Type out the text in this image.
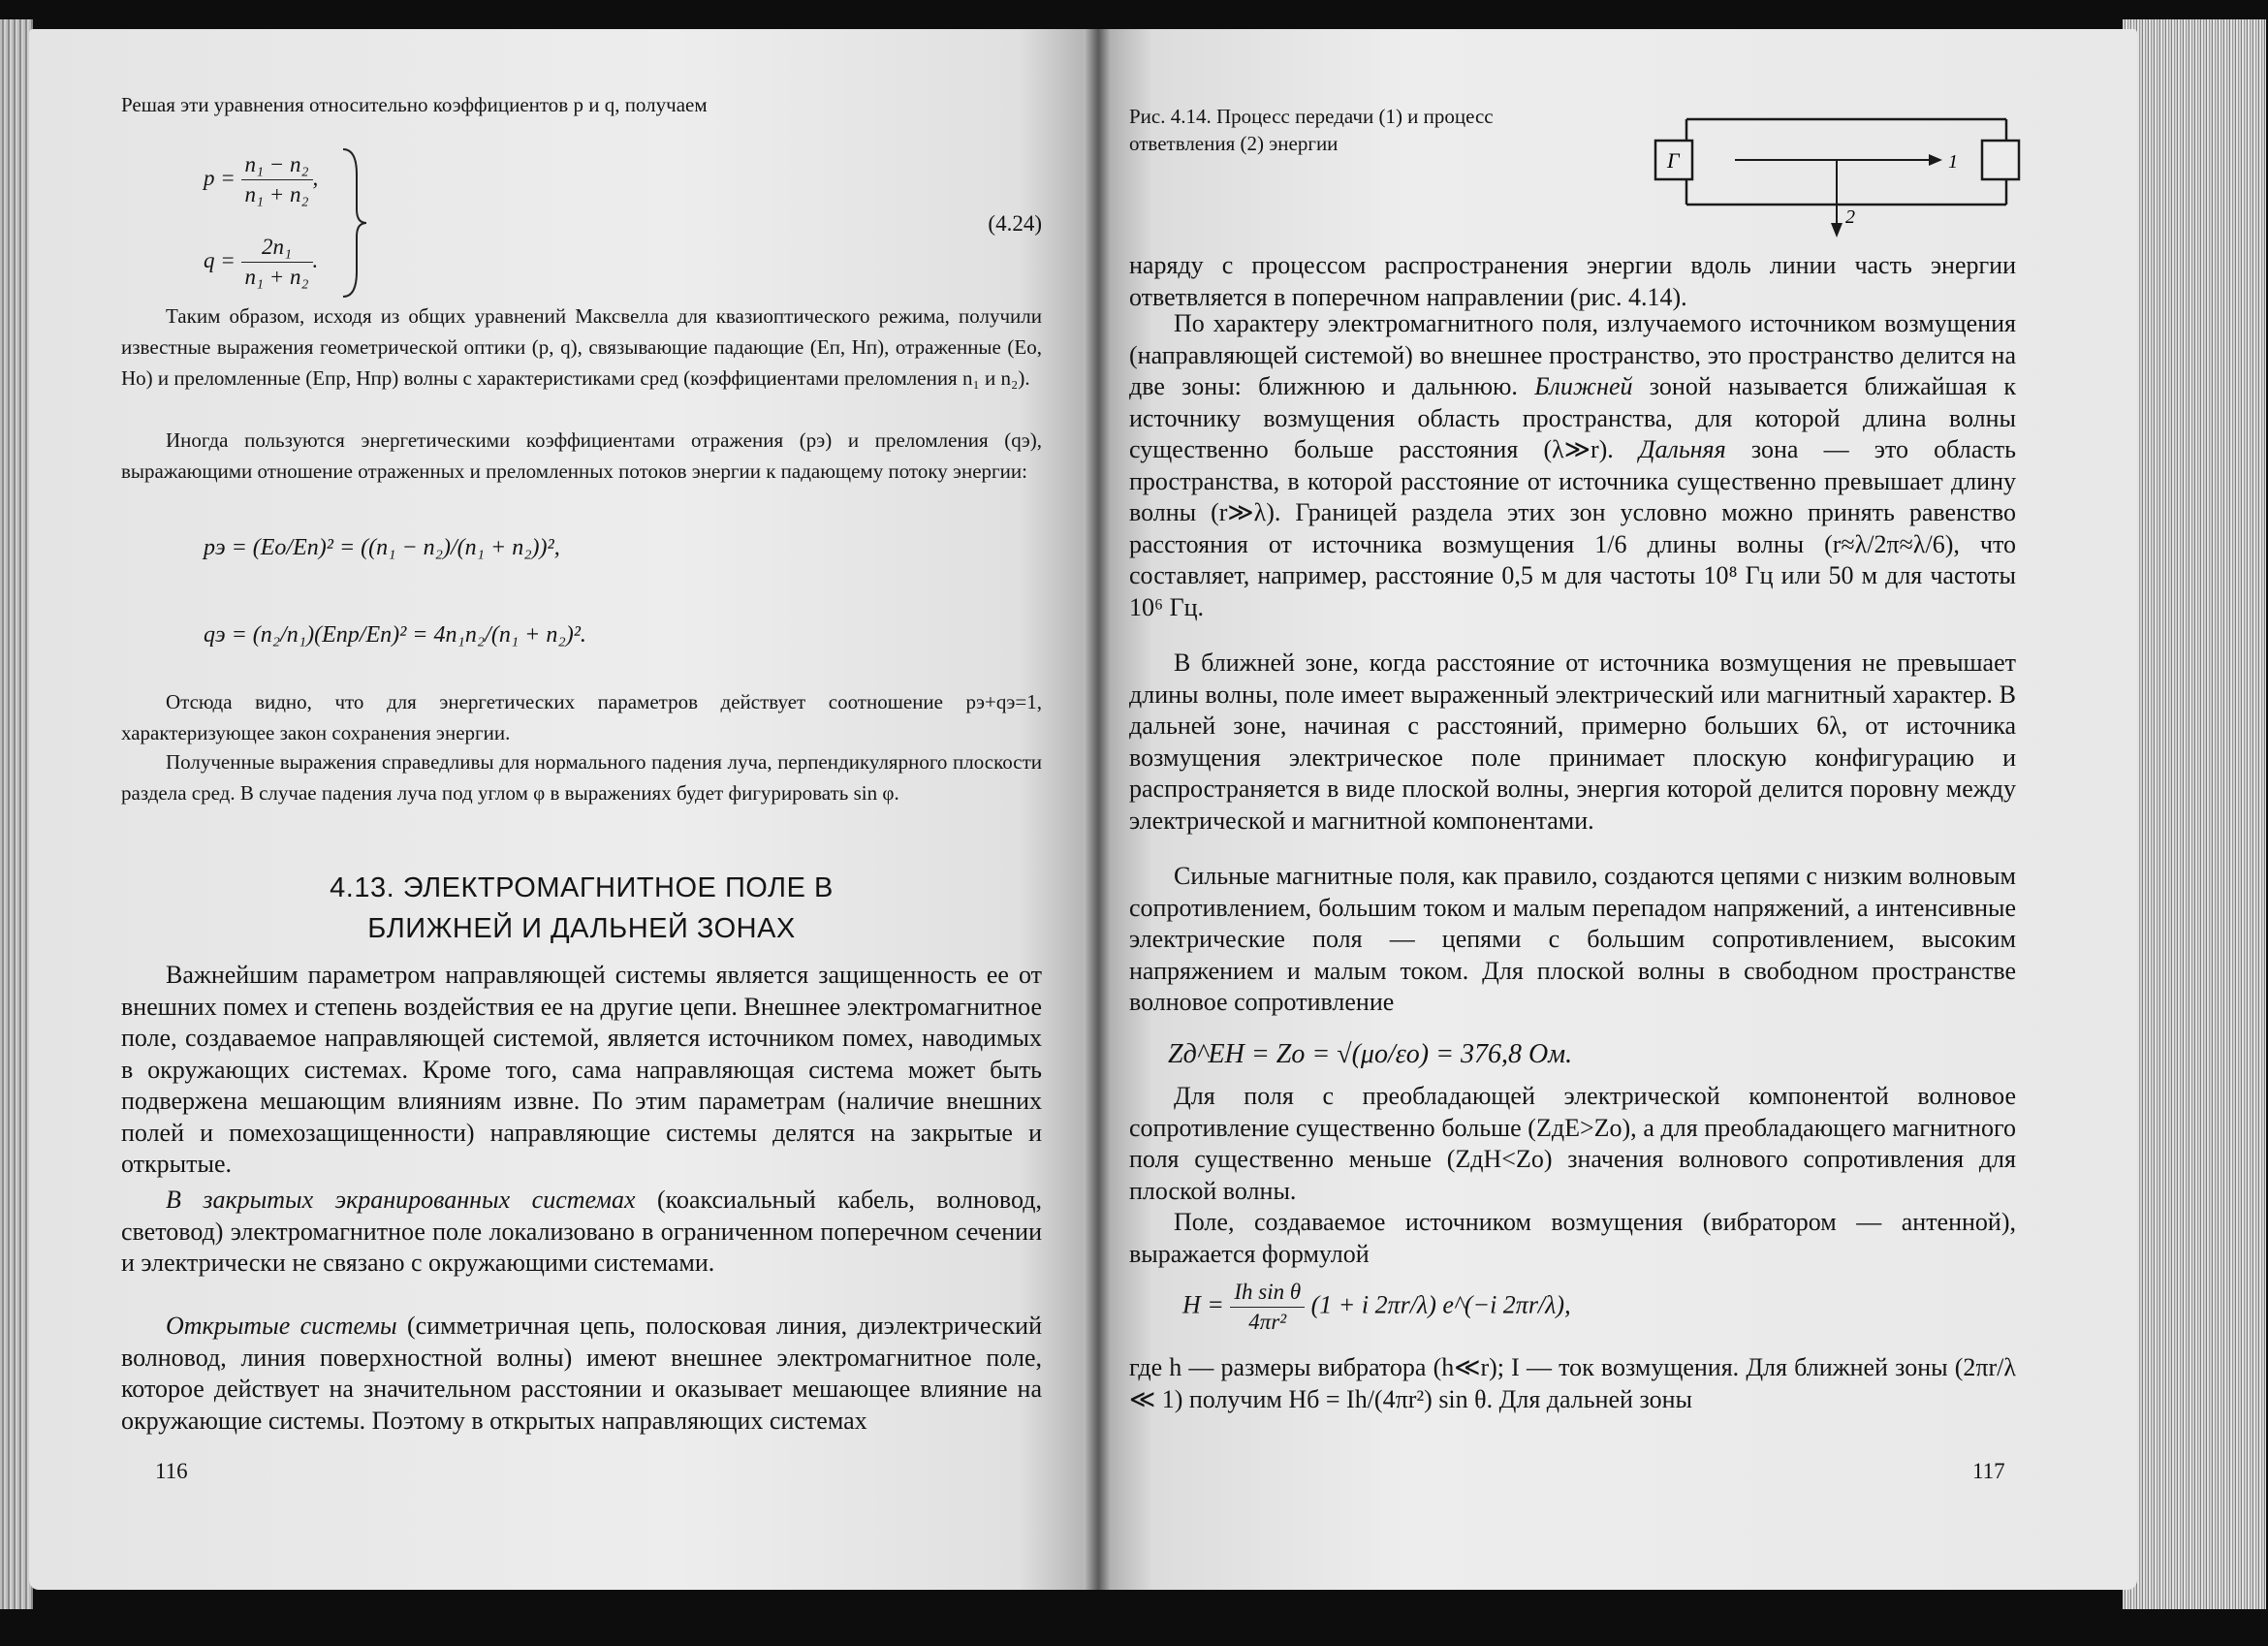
Решая эти уравнения относительно коэффициентов p и q, получаем

$p = \frac{\text{n₁ − n₂}}{\text{n₁ + n₂}}$ ,
$q = \frac{\text{2n₁}}{\text{n₁ + n₂}}$ .
(4.24)

Таким образом, исходя из общих уравнений Максвелла для квазиоптического режима, получили известные выражения геометрической оптики (p, q), связывающие падающие (Eп, Hп), отраженные (Eо, Hо) и преломленные (Eпр, Hпр) волны с характеристиками сред (коэффициентами преломления n₁ и n₂).

Иногда пользуются энергетическими коэффициентами отражения (pэ) и преломления (qэ), выражающими отношение отраженных и преломленных потоков энергии к падающему потоку энергии:

pэ = (Eо/Eп)² = ((n₁ − n₂)/(n₁ + n₂))²,
qэ = (n₂/n₁)(Eпр/Eп)² = 4n₁n₂/(n₁ + n₂)².

Отсюда видно, что для энергетических параметров действует соотношение pэ+qэ=1, характеризующее закон сохранения энергии.

Полученные выражения справедливы для нормального падения луча, перпендикулярного плоскости раздела сред. В случае падения луча под углом φ в выражениях будет фигурировать sin φ.

4.13. ЭЛЕКТРОМАГНИТНОЕ ПОЛЕ В
БЛИЖНЕЙ И ДАЛЬНЕЙ ЗОНАХ

Важнейшим параметром направляющей системы является защищенность ее от внешних помех и степень воздействия ее на другие цепи. Внешнее электромагнитное поле, создаваемое направляющей системой, является источником помех, наводимых в окружающих системах. Кроме того, сама направляющая система может быть подвержена мешающим влияниям извне. По этим параметрам (наличие внешних полей и помехозащищенности) направляющие системы делятся на закрытые и открытые.

В закрытых экранированных системах (коаксиальный кабель, волновод, световод) электромагнитное поле локализовано в ограниченном поперечном сечении и электрически не связано с окружающими системами.

Открытые системы (симметричная цепь, полосковая линия, диэлектрический волновод, линия поверхностной волны) имеют внешнее электромагнитное поле, которое действует на значительном расстоянии и оказывает мешающее влияние на окружающие системы. Поэтому в открытых направляющих системах

116

Рис. 4.14. Процесс передачи (1) и процесс ответвления (2) энергии

Г	1
2

наряду с процессом распространения энергии вдоль линии часть энергии ответвляется в поперечном направлении (рис. 4.14).

По характеру электромагнитного поля, излучаемого источником возмущения (направляющей системой) во внешнее пространство, это пространство делится на две зоны: ближнюю и дальнюю. Ближней зоной называется ближайшая к источнику возмущения область пространства, для которой длина волны существенно больше расстояния (λ≫r). Дальняя зона — это область пространства, в которой расстояние от источника существенно превышает длину волны (r≫λ). Границей раздела этих зон условно можно принять равенство расстояния от источника возмущения 1/6 длины волны (r≈λ/2π≈λ/6), что составляет, например, расстояние 0,5 м для частоты 10⁸ Гц или 50 м для частоты 10⁶ Гц.

В ближней зоне, когда расстояние от источника возмущения не превышает длины волны, поле имеет выраженный электрический или магнитный характер. В дальней зоне, начиная с расстояний, примерно больших 6λ, от источника возмущения электрическое поле принимает плоскую конфигурацию и распространяется в виде плоской волны, энергия которой делится поровну между электрической и магнитной компонентами.

Сильные магнитные поля, как правило, создаются цепями с низким волновым сопротивлением, большим током и малым перепадом напряжений, а интенсивные электрические поля — цепями с большим сопротивлением, высоким напряжением и малым током. Для плоской волны в свободном пространстве волновое сопротивление

Zд^EH = Zо = √(μо/εо) = 376,8 Ом.

Для поля с преобладающей электрической компонентой волновое сопротивление существенно больше (ZдE>Zо), а для преобладающего магнитного поля существенно меньше (ZдH<Zо) значения волнового сопротивления для плоской волны.

Поле, создаваемое источником возмущения (вибратором — антенной), выражается формулой

$H = \frac{\text{Ih sin θ}}{\text{4πr²}} (1 + i$ 2πr/λ) e^(−i 2πr/λ),

где h — размеры вибратора (h≪r); I — ток возмущения. Для ближней зоны (2πr/λ ≪ 1) получим Hб = Ih/(4πr²) sin θ. Для дальней зоны

117
